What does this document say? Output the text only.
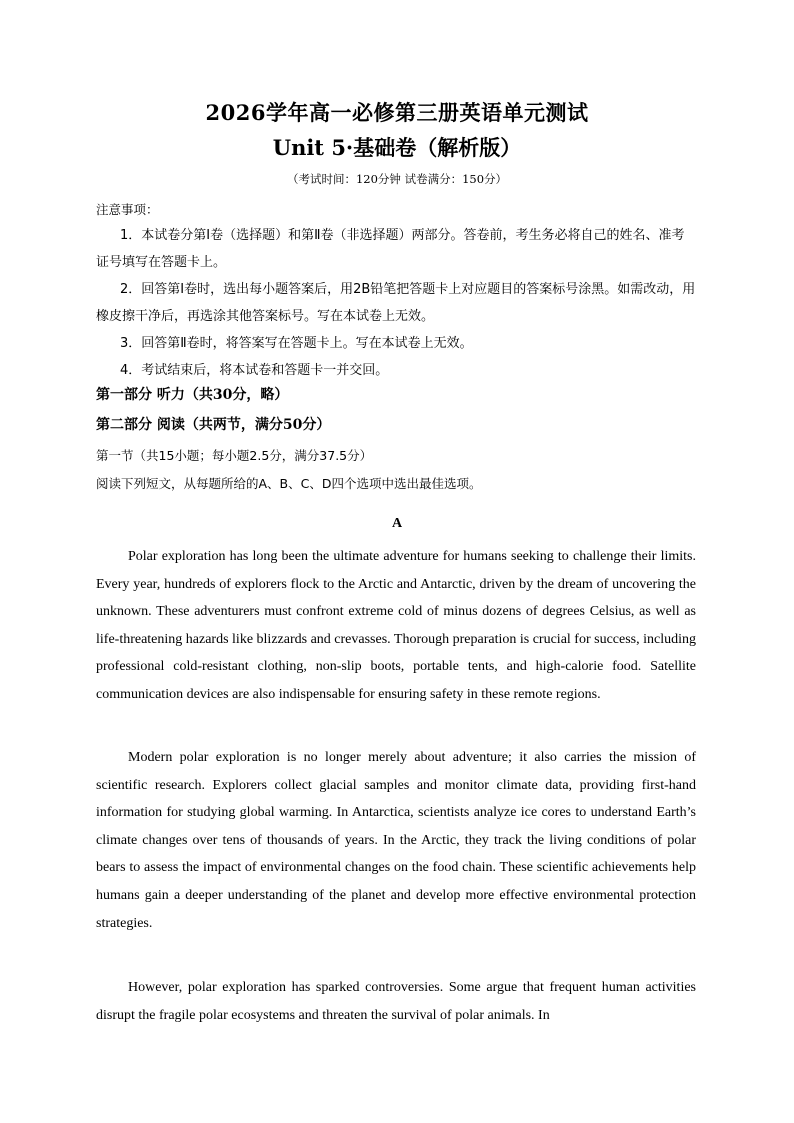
2026学年高一必修第三册英语单元测试
Unit 5·基础卷（解析版）
（考试时间：120分钟 试卷满分：150分）
注意事项：
1．本试卷分第Ⅰ卷（选择题）和第Ⅱ卷（非选择题）两部分。答卷前，考生务必将自己的姓名、准考证号填写在答题卡上。
2．回答第Ⅰ卷时，选出每小题答案后，用2B铅笔把答题卡上对应题目的答案标号涂黑。如需改动，用橡皮擦干净后，再选涂其他答案标号。写在本试卷上无效。
3．回答第Ⅱ卷时，将答案写在答题卡上。写在本试卷上无效。
4．考试结束后，将本试卷和答题卡一并交回。
第一部分 听力（共30分，略）
第二部分 阅读（共两节，满分50分）
第一节（共15小题；每小题2.5分，满分37.5分）
阅读下列短文，从每题所给的A、B、C、D四个选项中选出最佳选项。
A
Polar exploration has long been the ultimate adventure for humans seeking to challenge their limits. Every year, hundreds of explorers flock to the Arctic and Antarctic, driven by the dream of uncovering the unknown. These adventurers must confront extreme cold of minus dozens of degrees Celsius, as well as life-threatening hazards like blizzards and crevasses. Thorough preparation is crucial for success, including professional cold-resistant clothing, non-slip boots, portable tents, and high-calorie food. Satellite communication devices are also indispensable for ensuring safety in these remote regions.
Modern polar exploration is no longer merely about adventure; it also carries the mission of scientific research. Explorers collect glacial samples and monitor climate data, providing first-hand information for studying global warming. In Antarctica, scientists analyze ice cores to understand Earth’s climate changes over tens of thousands of years. In the Arctic, they track the living conditions of polar bears to assess the impact of environmental changes on the food chain. These scientific achievements help humans gain a deeper understanding of the planet and develop more effective environmental protection strategies.
However, polar exploration has sparked controversies. Some argue that frequent human activities disrupt the fragile polar ecosystems and threaten the survival of polar animals. In
